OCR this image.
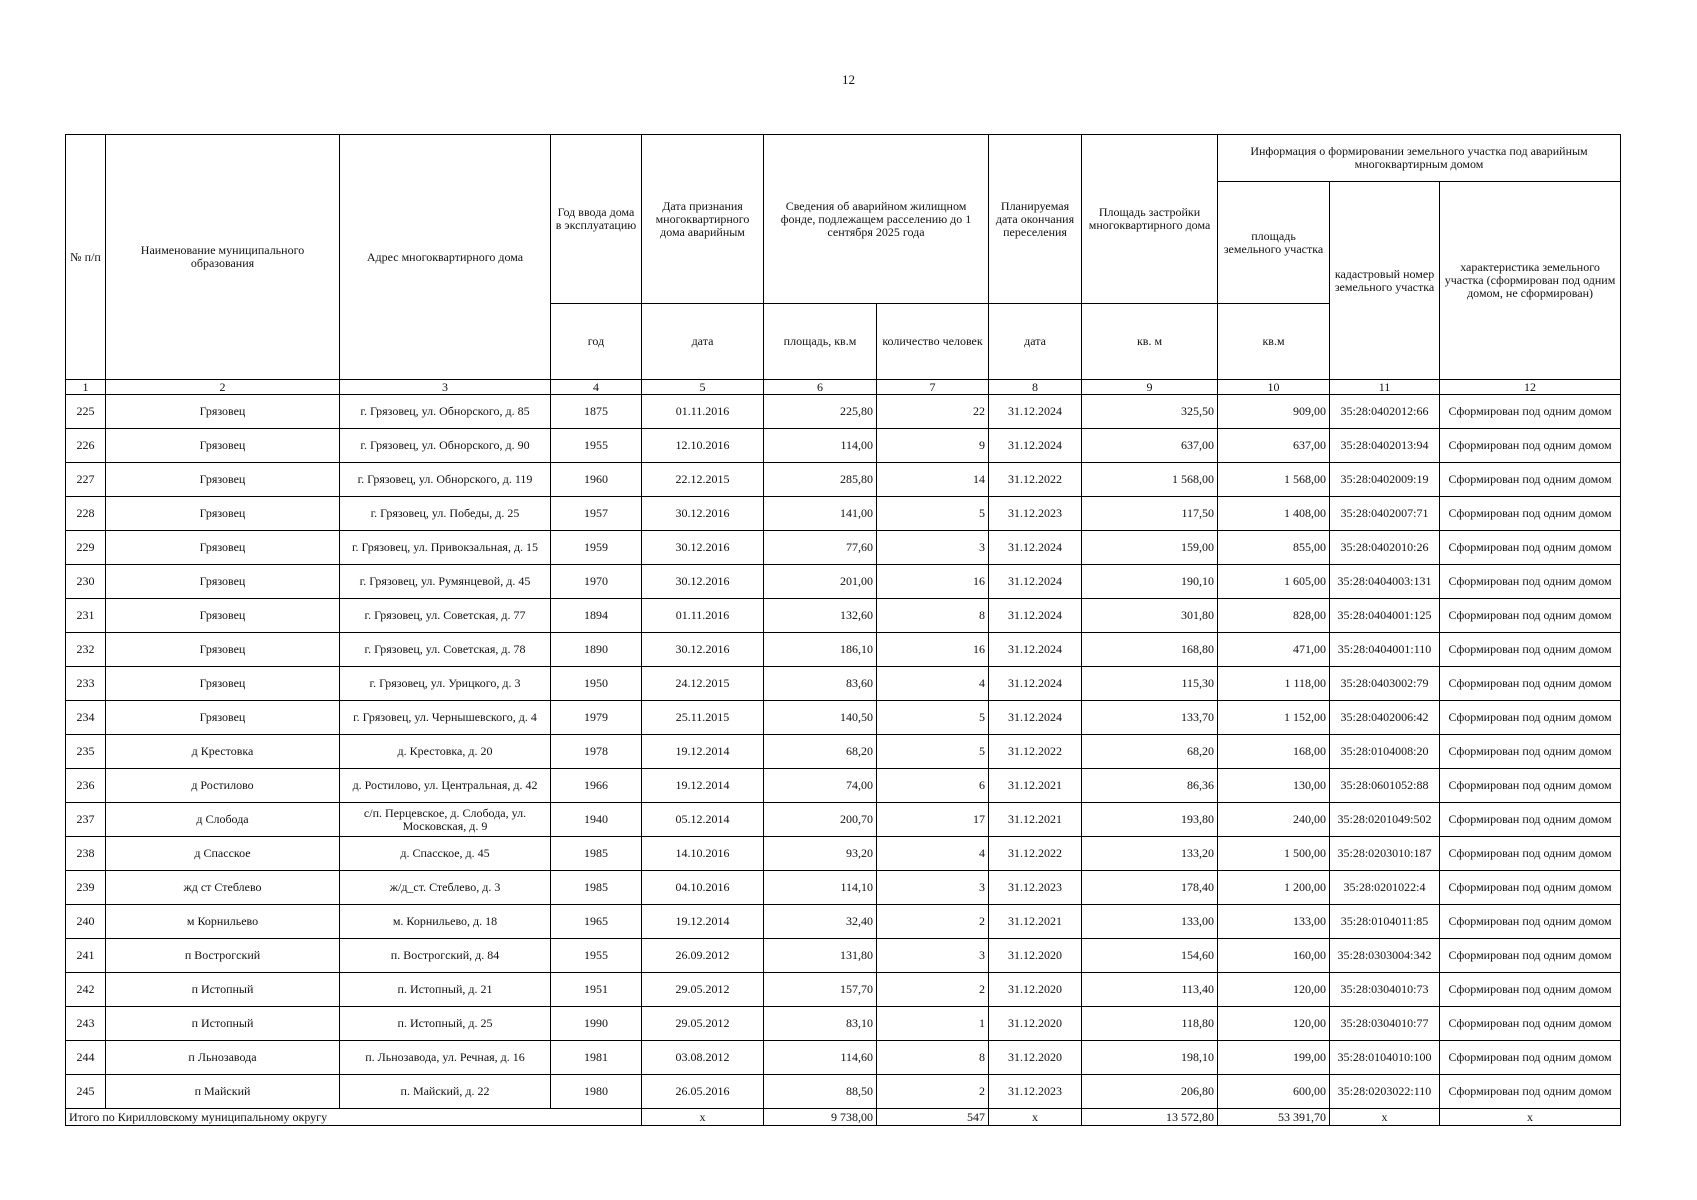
12
№ п/п	Наименование муниципального образования	Адрес многоквартирного дома	Год ввода дома в эксплуатацию	Дата признания многоквартирного дома аварийным	Сведения об аварийном жилищном фонде, подлежащем расселению до 1 сентября 2025 года		Планируемая дата окончания переселения	Площадь застройки многоквартирного дома	Информация о формировании земельного участка под аварийным многоквартирным домом		
									площадь земельного участка	кадастровый номер земельного участка	характеристика земельного участка (сформирован под одним домом, не сформирован)
			год	дата	площадь, кв.м	количество человек	дата	кв. м	кв.м		
1	2	3	4	5	6	7	8	9	10	11	12
225	Грязовец	г. Грязовец, ул. Обнорского, д. 85	1875	01.11.2016	225,80	22	31.12.2024	325,50	909,00	35:28:0402012:66	Сформирован под одним домом
226	Грязовец	г. Грязовец, ул. Обнорского, д. 90	1955	12.10.2016	114,00	9	31.12.2024	637,00	637,00	35:28:0402013:94	Сформирован под одним домом
227	Грязовец	г. Грязовец, ул. Обнорского, д. 119	1960	22.12.2015	285,80	14	31.12.2022	1 568,00	1 568,00	35:28:0402009:19	Сформирован под одним домом
228	Грязовец	г. Грязовец, ул. Победы, д. 25	1957	30.12.2016	141,00	5	31.12.2023	117,50	1 408,00	35:28:0402007:71	Сформирован под одним домом
229	Грязовец	г. Грязовец, ул. Привокзальная, д. 15	1959	30.12.2016	77,60	3	31.12.2024	159,00	855,00	35:28:0402010:26	Сформирован под одним домом
230	Грязовец	г. Грязовец, ул. Румянцевой, д. 45	1970	30.12.2016	201,00	16	31.12.2024	190,10	1 605,00	35:28:0404003:131	Сформирован под одним домом
231	Грязовец	г. Грязовец, ул. Советская, д. 77	1894	01.11.2016	132,60	8	31.12.2024	301,80	828,00	35:28:0404001:125	Сформирован под одним домом
232	Грязовец	г. Грязовец, ул. Советская, д. 78	1890	30.12.2016	186,10	16	31.12.2024	168,80	471,00	35:28:0404001:110	Сформирован под одним домом
233	Грязовец	г. Грязовец, ул. Урицкого, д. 3	1950	24.12.2015	83,60	4	31.12.2024	115,30	1 118,00	35:28:0403002:79	Сформирован под одним домом
234	Грязовец	г. Грязовец, ул. Чернышевского, д. 4	1979	25.11.2015	140,50	5	31.12.2024	133,70	1 152,00	35:28:0402006:42	Сформирован под одним домом
235	д Крестовка	д. Крестовка, д. 20	1978	19.12.2014	68,20	5	31.12.2022	68,20	168,00	35:28:0104008:20	Сформирован под одним домом
236	д Ростилово	д. Ростилово, ул. Центральная, д. 42	1966	19.12.2014	74,00	6	31.12.2021	86,36	130,00	35:28:0601052:88	Сформирован под одним домом
237	д Слобода	с/п. Перцевское, д. Слобода, ул. Московская, д. 9	1940	05.12.2014	200,70	17	31.12.2021	193,80	240,00	35:28:0201049:502	Сформирован под одним домом
238	д Спасское	д. Спасское, д. 45	1985	14.10.2016	93,20	4	31.12.2022	133,20	1 500,00	35:28:0203010:187	Сформирован под одним домом
239	жд ст Стеблево	ж/д_ст. Стеблево, д. 3	1985	04.10.2016	114,10	3	31.12.2023	178,40	1 200,00	35:28:0201022:4	Сформирован под одним домом
240	м Корнильево	м. Корнильево, д. 18	1965	19.12.2014	32,40	2	31.12.2021	133,00	133,00	35:28:0104011:85	Сформирован под одним домом
241	п Вострогский	п. Вострогский, д. 84	1955	26.09.2012	131,80	3	31.12.2020	154,60	160,00	35:28:0303004:342	Сформирован под одним домом
242	п Истопный	п. Истопный, д. 21	1951	29.05.2012	157,70	2	31.12.2020	113,40	120,00	35:28:0304010:73	Сформирован под одним домом
243	п Истопный	п. Истопный, д. 25	1990	29.05.2012	83,10	1	31.12.2020	118,80	120,00	35:28:0304010:77	Сформирован под одним домом
244	п Льнозавода	п. Льнозавода, ул. Речная, д. 16	1981	03.08.2012	114,60	8	31.12.2020	198,10	199,00	35:28:0104010:100	Сформирован под одним домом
245	п Майский	п. Майский, д. 22	1980	26.05.2016	88,50	2	31.12.2023	206,80	600,00	35:28:0203022:110	Сформирован под одним домом
Итого по Кирилловскому муниципальному округу				х	9 738,00	547	х	13 572,80	53 391,70	х	х
